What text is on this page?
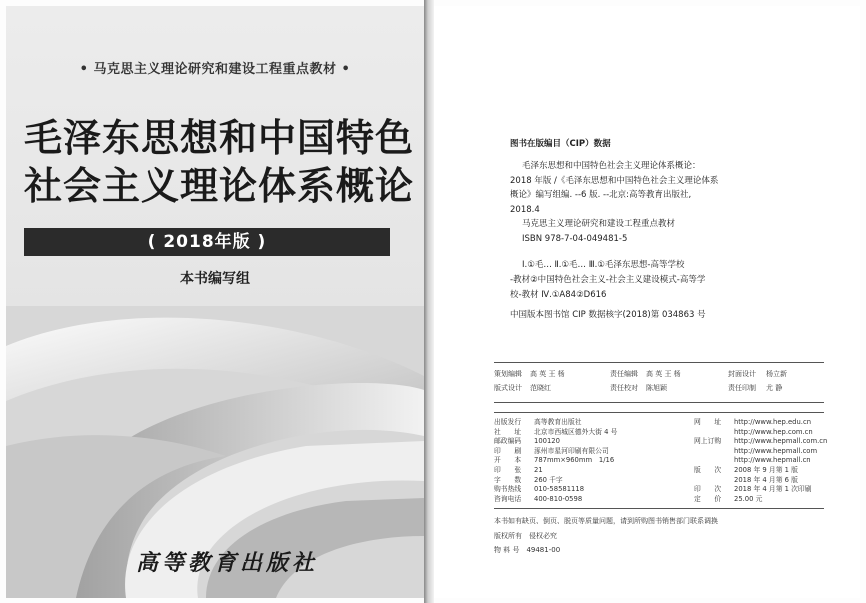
• 马克思主义理论研究和建设工程重点教材 •
毛泽东思想和中国特色
社会主义理论体系概论
( 2018年版 )
本书编写组
高等教育出版社
图书在版编目（CIP）数据

毛泽东思想和中国特色社会主义理论体系概论：

2018 年版 /《毛泽东思想和中国特色社会主义理论体系

概论》编写组编. --6 版. --北京:高等教育出版社,

2018.4

马克思主义理论研究和建设工程重点教材

ISBN 978-7-04-049481-5

Ⅰ.①毛… Ⅱ.①毛… Ⅲ.①毛泽东思想-高等学校

-教材②中国特色社会主义-社会主义建设模式-高等学

校-教材 Ⅳ.①A84②D616

中国版本图书馆 CIP 数据核字(2018)第 034863 号
策划编辑 高 英 王 杨	责任编辑 高 英 王 杨	封面设计 杨立新
版式设计 范晓红	责任校对 陈旭颖	责任印制 尤 静
出版发行 高等教育出版社	网　　址 http://www.hep.edu.cn
社　　址 北京市西城区德外大街 4 号	http://www.hep.com.cn
邮政编码 100120	网上订购 http://www.hepmall.com.cn
印　　刷 涿州市星河印刷有限公司	http://www.hepmall.com
开　　本 787mm×960mm　1/16	http://www.hepmall.cn
印　　张 21	版　　次 2008 年 9 月第 1 版
字　　数 260 千字	2018 年 4 月第 6 版
购书热线 010-58581118	印　　次 2018 年 4 月第 1 次印刷
咨询电话 400-810-0598	定　　价 25.00 元

本书如有缺页、倒页、脱页等质量问题，请到所购图书销售部门联系调换

版权所有　侵权必究

物 料 号　49481-00
